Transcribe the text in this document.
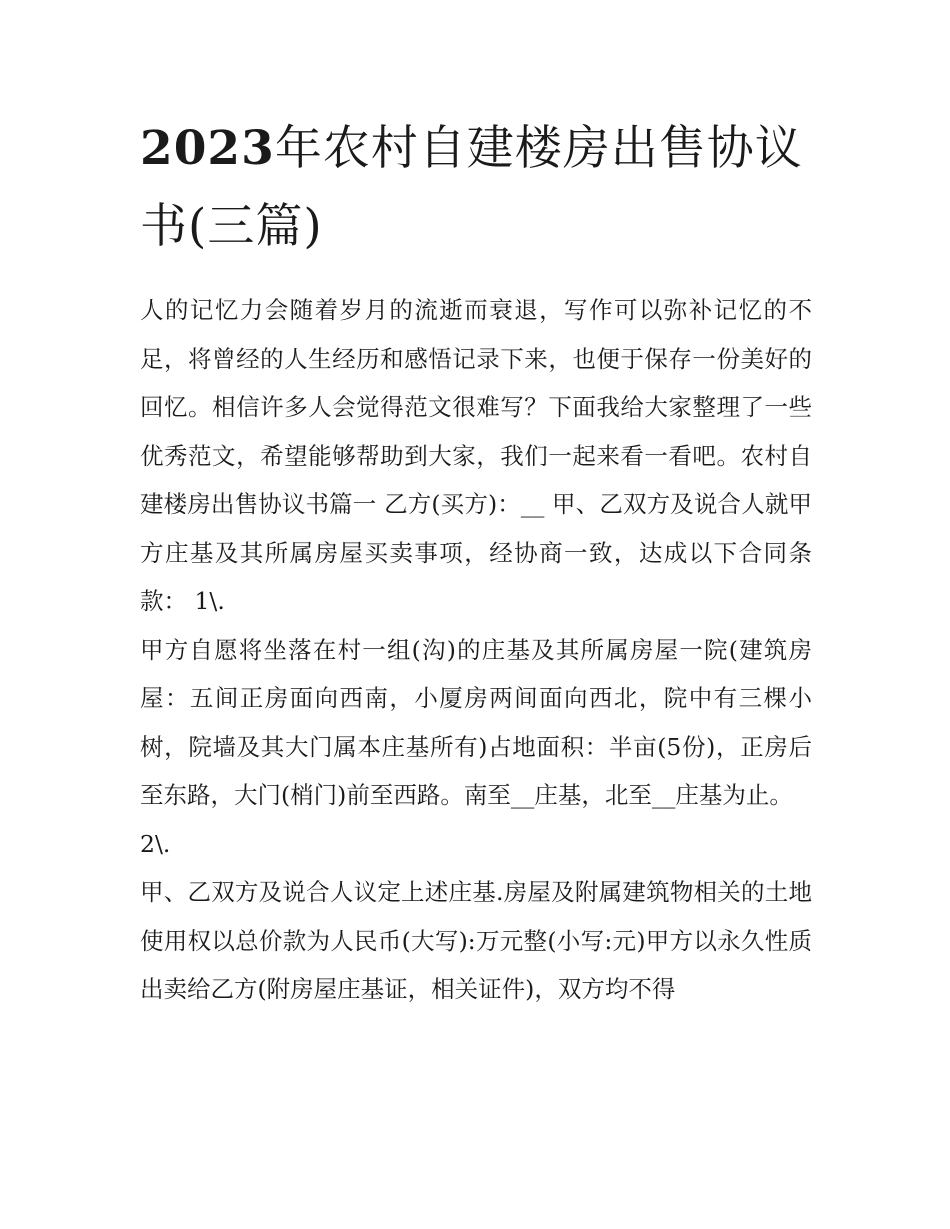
2023年农村自建楼房出售协议书(三篇)

人的记忆力会随着岁月的流逝而衰退，写作可以弥补记忆的不足，将曾经的人生经历和感悟记录下来，也便于保存一份美好的回忆。相信许多人会觉得范文很难写？下面我给大家整理了一些优秀范文，希望能够帮助到大家，我们一起来看一看吧。农村自建楼房出售协议书篇一 乙方(买方)：__ 甲、乙双方及说合人就甲方庄基及其所属房屋买卖事项，经协商一致，达成以下合同条款： 1\.

甲方自愿将坐落在村一组(沟)的庄基及其所属房屋一院(建筑房屋：五间正房面向西南，小厦房两间面向西北，院中有三棵小树，院墙及其大门属本庄基所有)占地面积：半亩(5份)，正房后至东路，大门(梢门)前至西路。南至__庄基，北至__庄基为止。

2\.

甲、乙双方及说合人议定上述庄基.房屋及附属建筑物相关的土地使用权以总价款为人民币(大写):万元整(小写:元)甲方以永久性质出卖给乙方(附房屋庄基证，相关证件)，双方均不得
